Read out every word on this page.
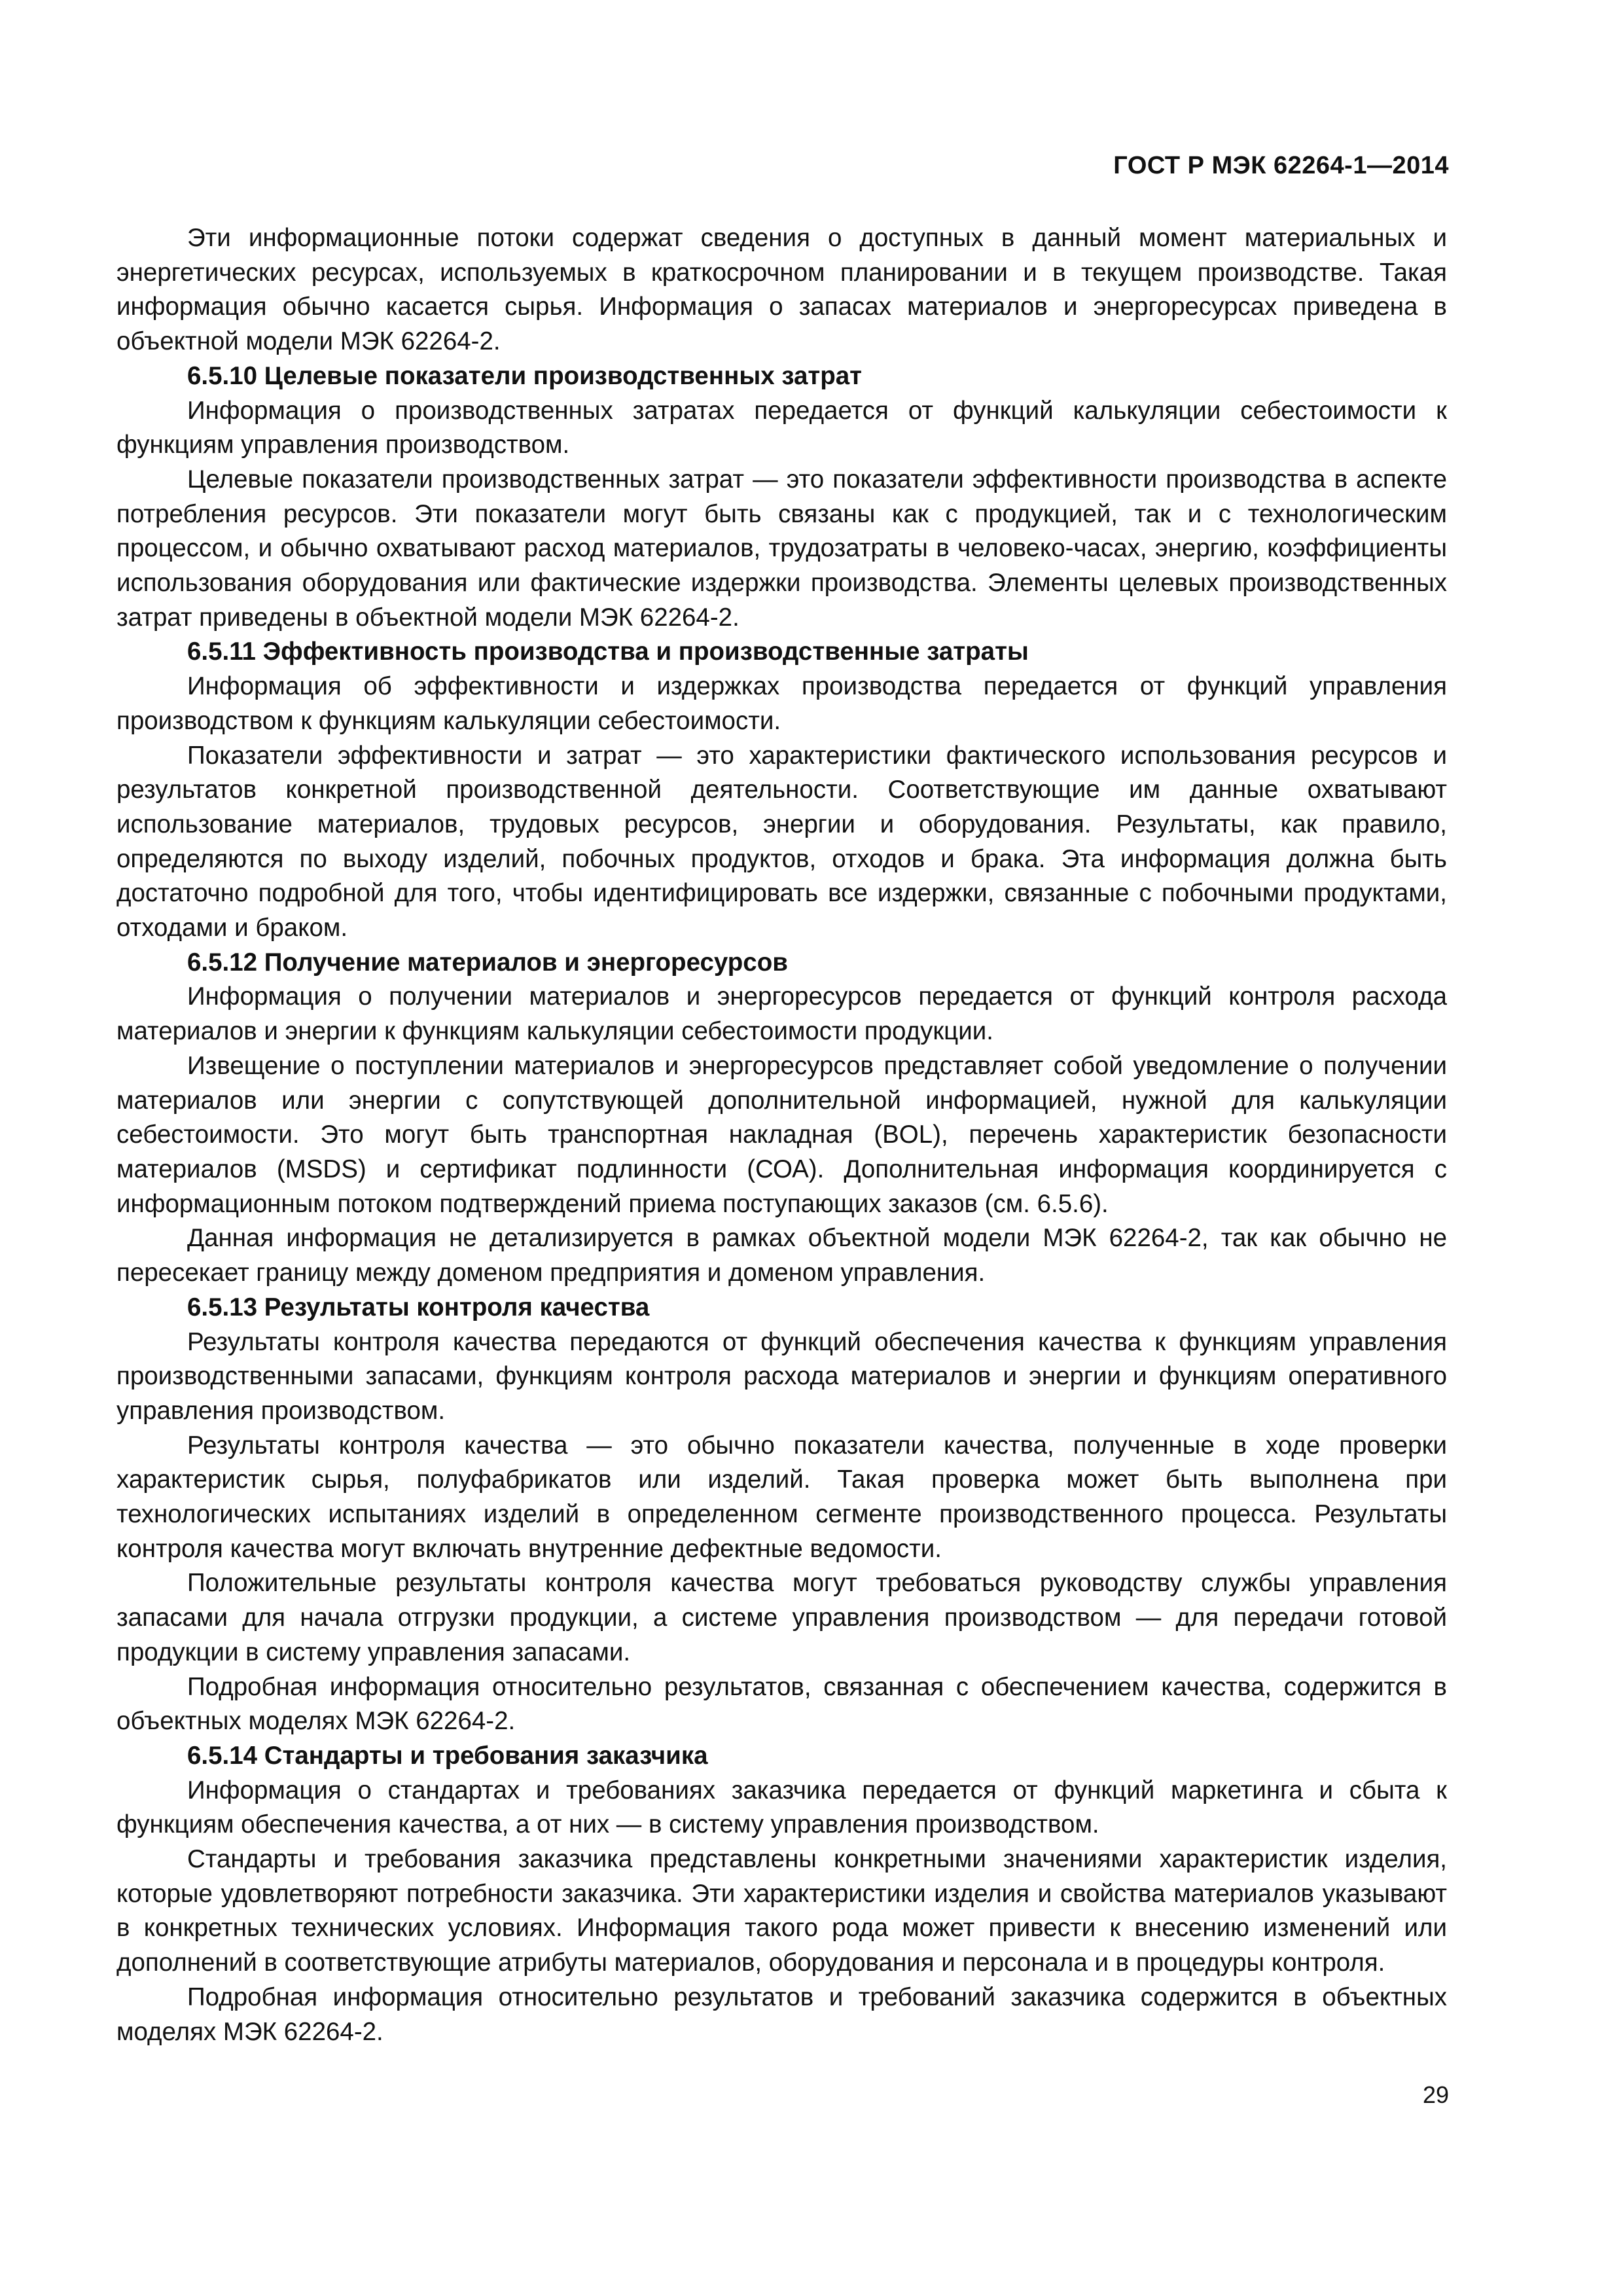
ГОСТ Р МЭК 62264-1—2014

Эти информационные потоки содержат сведения о доступных в данный момент материальных и энергетических ресурсах, используемых в краткосрочном планировании и в текущем производстве. Такая информация обычно касается сырья. Информация о запасах материалов и энергоресурсах приведена в объектной модели МЭК 62264-2.

6.5.10 Целевые показатели производственных затрат

Информация о производственных затратах передается от функций калькуляции себестоимости к функциям управления производством.

Целевые показатели производственных затрат — это показатели эффективности производства в аспекте потребления ресурсов. Эти показатели могут быть связаны как с продукцией, так и с технологическим процессом, и обычно охватывают расход материалов, трудозатраты в человеко-часах, энергию, коэффициенты использования оборудования или фактические издержки производства. Элементы целевых производственных затрат приведены в объектной модели МЭК 62264-2.

6.5.11 Эффективность производства и производственные затраты

Информация об эффективности и издержках производства передается от функций управления производством к функциям калькуляции себестоимости.

Показатели эффективности и затрат — это характеристики фактического использования ресурсов и результатов конкретной производственной деятельности. Соответствующие им данные охватывают использование материалов, трудовых ресурсов, энергии и оборудования. Результаты, как правило, определяются по выходу изделий, побочных продуктов, отходов и брака. Эта информация должна быть достаточно подробной для того, чтобы идентифицировать все издержки, связанные с побочными продуктами, отходами и браком.

6.5.12 Получение материалов и энергоресурсов

Информация о получении материалов и энергоресурсов передается от функций контроля расхода материалов и энергии к функциям калькуляции себестоимости продукции.

Извещение о поступлении материалов и энергоресурсов представляет собой уведомление о получении материалов или энергии с сопутствующей дополнительной информацией, нужной для калькуляции себестоимости. Это могут быть транспортная накладная (BOL), перечень характеристик безопасности материалов (MSDS) и сертификат подлинности (СОА). Дополнительная информация координируется с информационным потоком подтверждений приема поступающих заказов (см. 6.5.6).

Данная информация не детализируется в рамках объектной модели МЭК 62264-2, так как обычно не пересекает границу между доменом предприятия и доменом управления.

6.5.13 Результаты контроля качества

Результаты контроля качества передаются от функций обеспечения качества к функциям управления производственными запасами, функциям контроля расхода материалов и энергии и функциям оперативного управления производством.

Результаты контроля качества — это обычно показатели качества, полученные в ходе проверки характеристик сырья, полуфабрикатов или изделий. Такая проверка может быть выполнена при технологических испытаниях изделий в определенном сегменте производственного процесса. Результаты контроля качества могут включать внутренние дефектные ведомости.

Положительные результаты контроля качества могут требоваться руководству службы управления запасами для начала отгрузки продукции, а системе управления производством — для передачи готовой продукции в систему управления запасами.

Подробная информация относительно результатов, связанная с обеспечением качества, содержится в объектных моделях МЭК 62264-2.

6.5.14 Стандарты и требования заказчика

Информация о стандартах и требованиях заказчика передается от функций маркетинга и сбыта к функциям обеспечения качества, а от них — в систему управления производством.

Стандарты и требования заказчика представлены конкретными значениями характеристик изделия, которые удовлетворяют потребности заказчика. Эти характеристики изделия и свойства материалов указывают в конкретных технических условиях. Информация такого рода может привести к внесению изменений или дополнений в соответствующие атрибуты материалов, оборудования и персонала и в процедуры контроля.

Подробная информация относительно результатов и требований заказчика содержится в объектных моделях МЭК 62264-2.

29
